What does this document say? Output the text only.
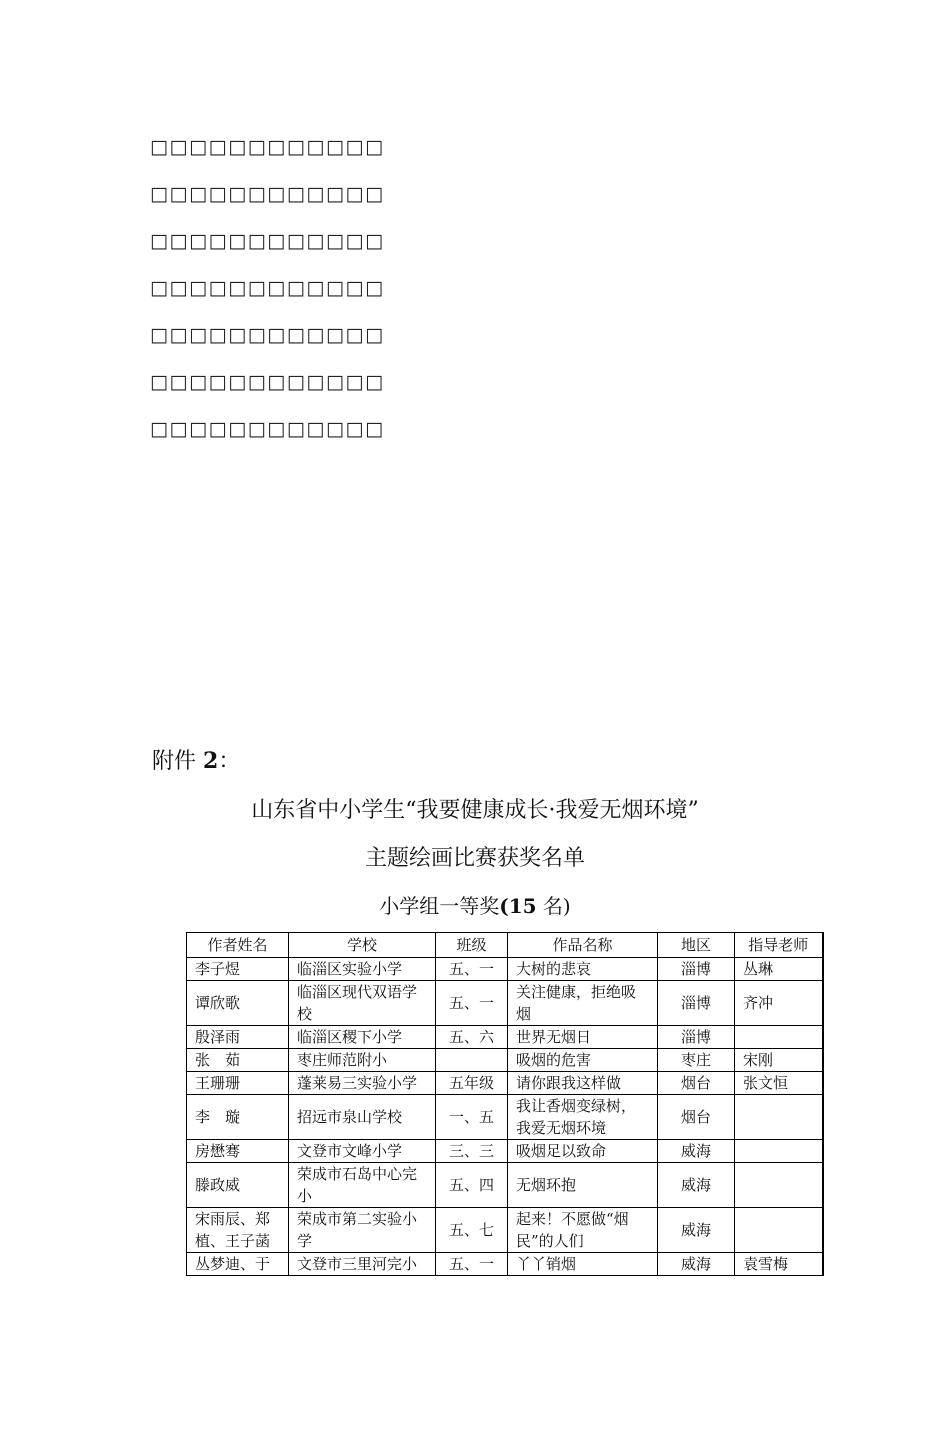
□□□□□□□□□□□□
□□□□□□□□□□□□
□□□□□□□□□□□□
□□□□□□□□□□□□
□□□□□□□□□□□□
□□□□□□□□□□□□
□□□□□□□□□□□□
附件 2：
山东省中小学生“我要健康成长·我爱无烟环境”
主题绘画比赛获奖名单
小学组一等奖(15 名)
作者姓名	学校	班级	作品名称	地区	指导老师
李子煜	临淄区实验小学	五、一	大树的悲哀	淄博	丛琳
谭欣歌	临淄区现代双语学校	五、一	关注健康，拒绝吸烟	淄博	齐冲
殷泽雨	临淄区稷下小学	五、六	世界无烟日	淄博	
张　茹	枣庄师范附小		吸烟的危害	枣庄	宋刚
王珊珊	蓬莱易三实验小学	五年级	请你跟我这样做	烟台	张文恒
李　璇	招远市泉山学校	一、五	我让香烟变绿树，我爱无烟环境	烟台	
房懋骞	文登市文峰小学	三、三	吸烟足以致命	威海	
滕政威	荣成市石岛中心完小	五、四	无烟环抱	威海	
宋雨辰、郑植、王子菡	荣成市第二实验小学	五、七	起来！不愿做“烟民”的人们	威海	
丛梦迪、于	文登市三里河完小	五、一	丫丫销烟	威海	袁雪梅
